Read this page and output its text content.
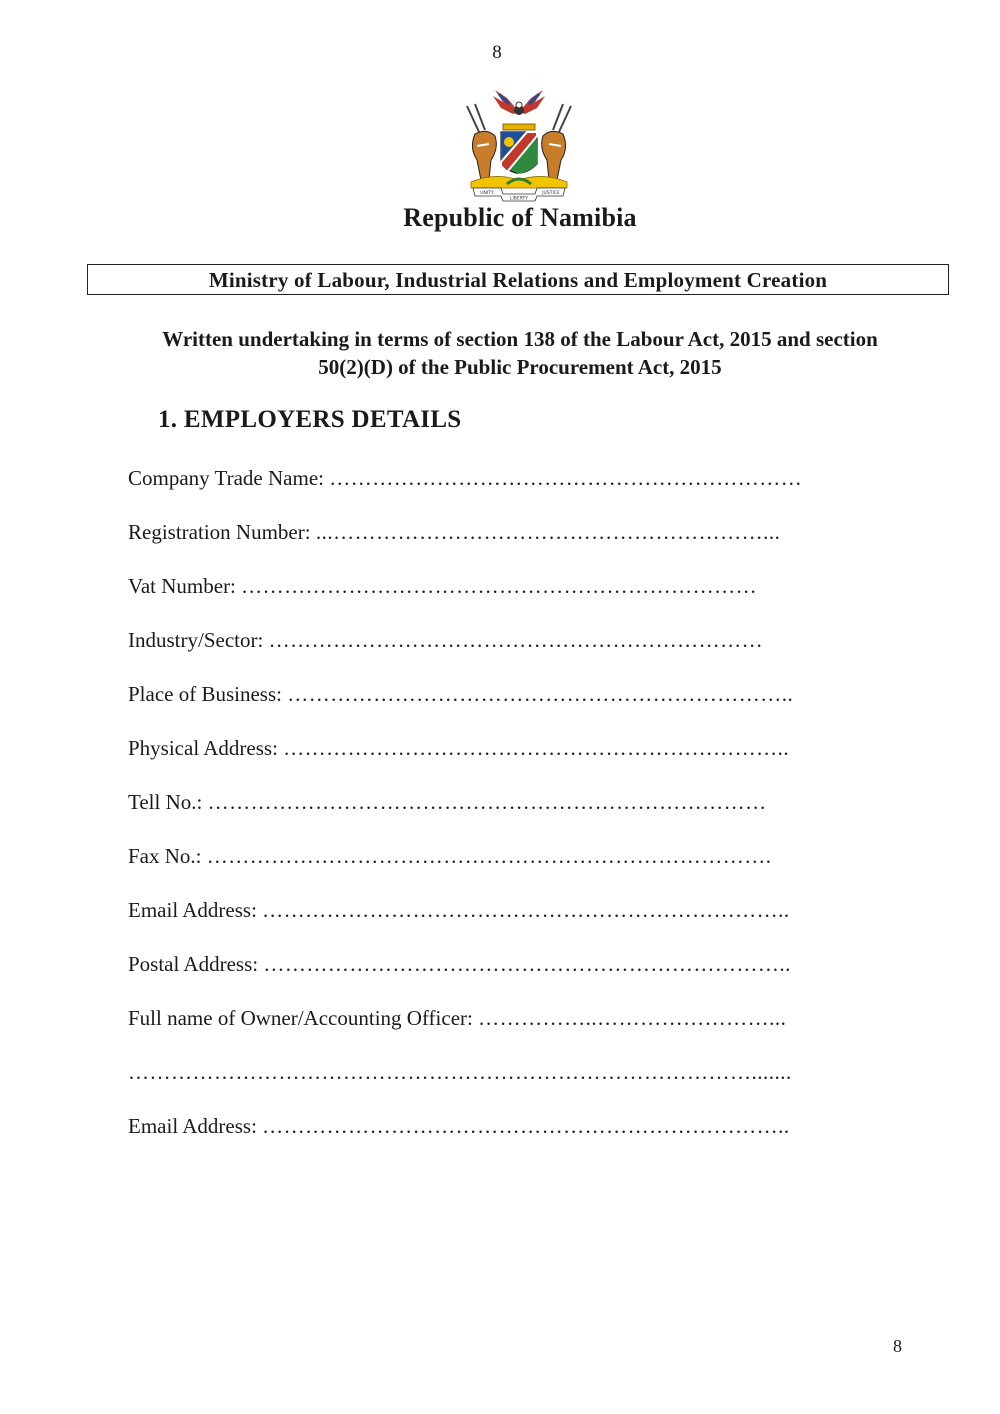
8
UNITY
LIBERTY
JUSTICE
Republic of Namibia
Ministry of Labour, Industrial Relations and Employment Creation
Written undertaking in terms of section 138 of the Labour Act, 2015 and section
50(2)(D) of the Public Procurement Act, 2015
1. EMPLOYERS DETAILS
Company Trade Name: …………………………………………………………
Registration Number: ...……………………………………………………...
Vat Number: ………………………………………………………………
Industry/Sector: ……………………………………………………………
Place of Business: ……………………………………………………………..
Physical Address: ……………………………………………………………..
Tell No.: ……………………………………………………………………
Fax No.: …………………………………………………………………….
Email Address: ………………………………………………………………..
Postal Address: ………………………………………………………………..
Full name of Owner/Accounting Officer: ……………..……………………...
…………………………………………………………………………….......
Email Address: ………………………………………………………………..
8
